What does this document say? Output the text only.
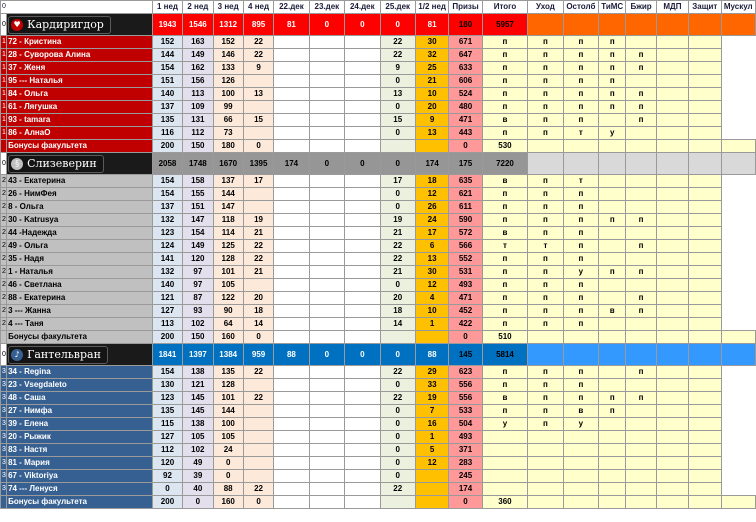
0		1 нед	2 нед	3 нед	4 нед	22.дек	23.дек	24.дек	25.дек	1/2 нед	Призы	Итого	Уход	Остолб	ТиМС	Бжир	МДП	Защит	Мускул
0	♥ Кардиригдор	1943	1546	1312	895	81	0	0	0	81	180	5957							
1	72 - Кристина	152	163	152	22				22	30	671	п	п	п	п				
1	28 - Суворова Алина	144	149	146	22				22	32	647	п	п	п	п	п			
1	37 - Женя	154	162	133	9				9	25	633	п	п	п	п	п			
1	95 --- Наталья	151	156	126					0	21	606	п	п	п	п				
1	84 - Ольга	140	113	100	13				13	10	524	п	п	п	п	п			
1	61 - Лягушка	137	109	99					0	20	480	п	п	п	п	п			
1	93 - tamara	135	131	66	15				15	9	471	в	п	п		п			
1	86 - АлнаО	116	112	73					0	13	443	п	п	т	у				
	Бонусы факультета	200	150	180	0						0	530							
0	§ Слизеверин	2058	1748	1670	1395	174	0	0	0	174	175	7220							
2	43 - Екатерина	154	158	137	17				17	18	635	в	п	т					
2	26 - НимФея	154	155	144					0	12	621	п	п	п					
2	8 - Ольга	137	151	147					0	26	611	п	п	п					
2	30 - Katrusya	132	147	118	19				19	24	590	п	п	п	п	п			
2	44 -Надежда	123	154	114	21				21	17	572	в	п	п					
2	49 - Ольга	124	149	125	22				22	6	566	т	т	п		п			
2	35 - Надя	141	120	128	22				22	13	552	п	п	п					
2	1 - Наталья	132	97	101	21				21	30	531	п	п	у	п	п			
2	46 - Светлана	140	97	105					0	12	493	п	п	п					
2	88 - Екатерина	121	87	122	20				20	4	471	п	п	п		п			
2	3 --- Жанна	127	93	90	18				18	10	452	п	п	п	в	п			
2	4 --- Таня	113	102	64	14				14	1	422	п	п	п					
	Бонусы факультета	200	150	160	0						0	510							
0	♪ Гантельвран	1841	1397	1384	959	88	0	0	0	88	145	5814							
3	34 - Regina	154	138	135	22				22	29	623	п	п	п		п			
3	23 - Vsegdaleto	130	121	128					0	33	556	п	п	п					
3	48 - Саша	123	145	101	22				22	19	556	в	п	п	п	п			
3	27 - Нимфа	135	145	144					0	7	533	п	п	в	п				
3	39 - Елена	115	138	100					0	16	504	у	п	у					
3	20 - Рыжик	127	105	105					0	1	493								
3	83 - Настя	112	102	24					0	5	371								
3	81 - Мария	120	49	0					0	12	283								
3	67 - Viktoriya	92	39	0					0		245								
3	74 --- Ленуся	0	40	88	22				22		174								
	Бонусы факультета	200	0	160	0						0	360							
